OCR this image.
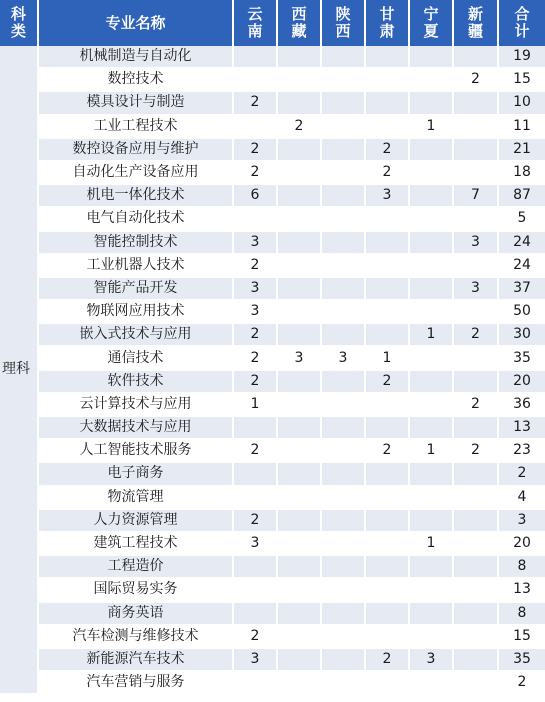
科类	专业名称	云南	西藏	陕西	甘肃	宁夏	新疆	合计
理科	机械制造与自动化							19
	数控技术						2	15
	模具设计与制造	2						10
	工业工程技术		2			1		11
	数控设备应用与维护	2			2			21
	自动化生产设备应用	2			2			18
	机电一体化技术	6			3		7	87
	电气自动化技术							5
	智能控制技术	3					3	24
	工业机器人技术	2						24
	智能产品开发	3					3	37
	物联网应用技术	3						50
	嵌入式技术与应用	2				1	2	30
	通信技术	2	3	3	1			35
	软件技术	2			2			20
	云计算技术与应用	1					2	36
	大数据技术与应用							13
	人工智能技术服务	2			2	1	2	23
	电子商务							2
	物流管理							4
	人力资源管理	2						3
	建筑工程技术	3				1		20
	工程造价							8
	国际贸易实务							13
	商务英语							8
	汽车检测与维修技术	2						15
	新能源汽车技术	3			2	3		35
	汽车营销与服务							2
